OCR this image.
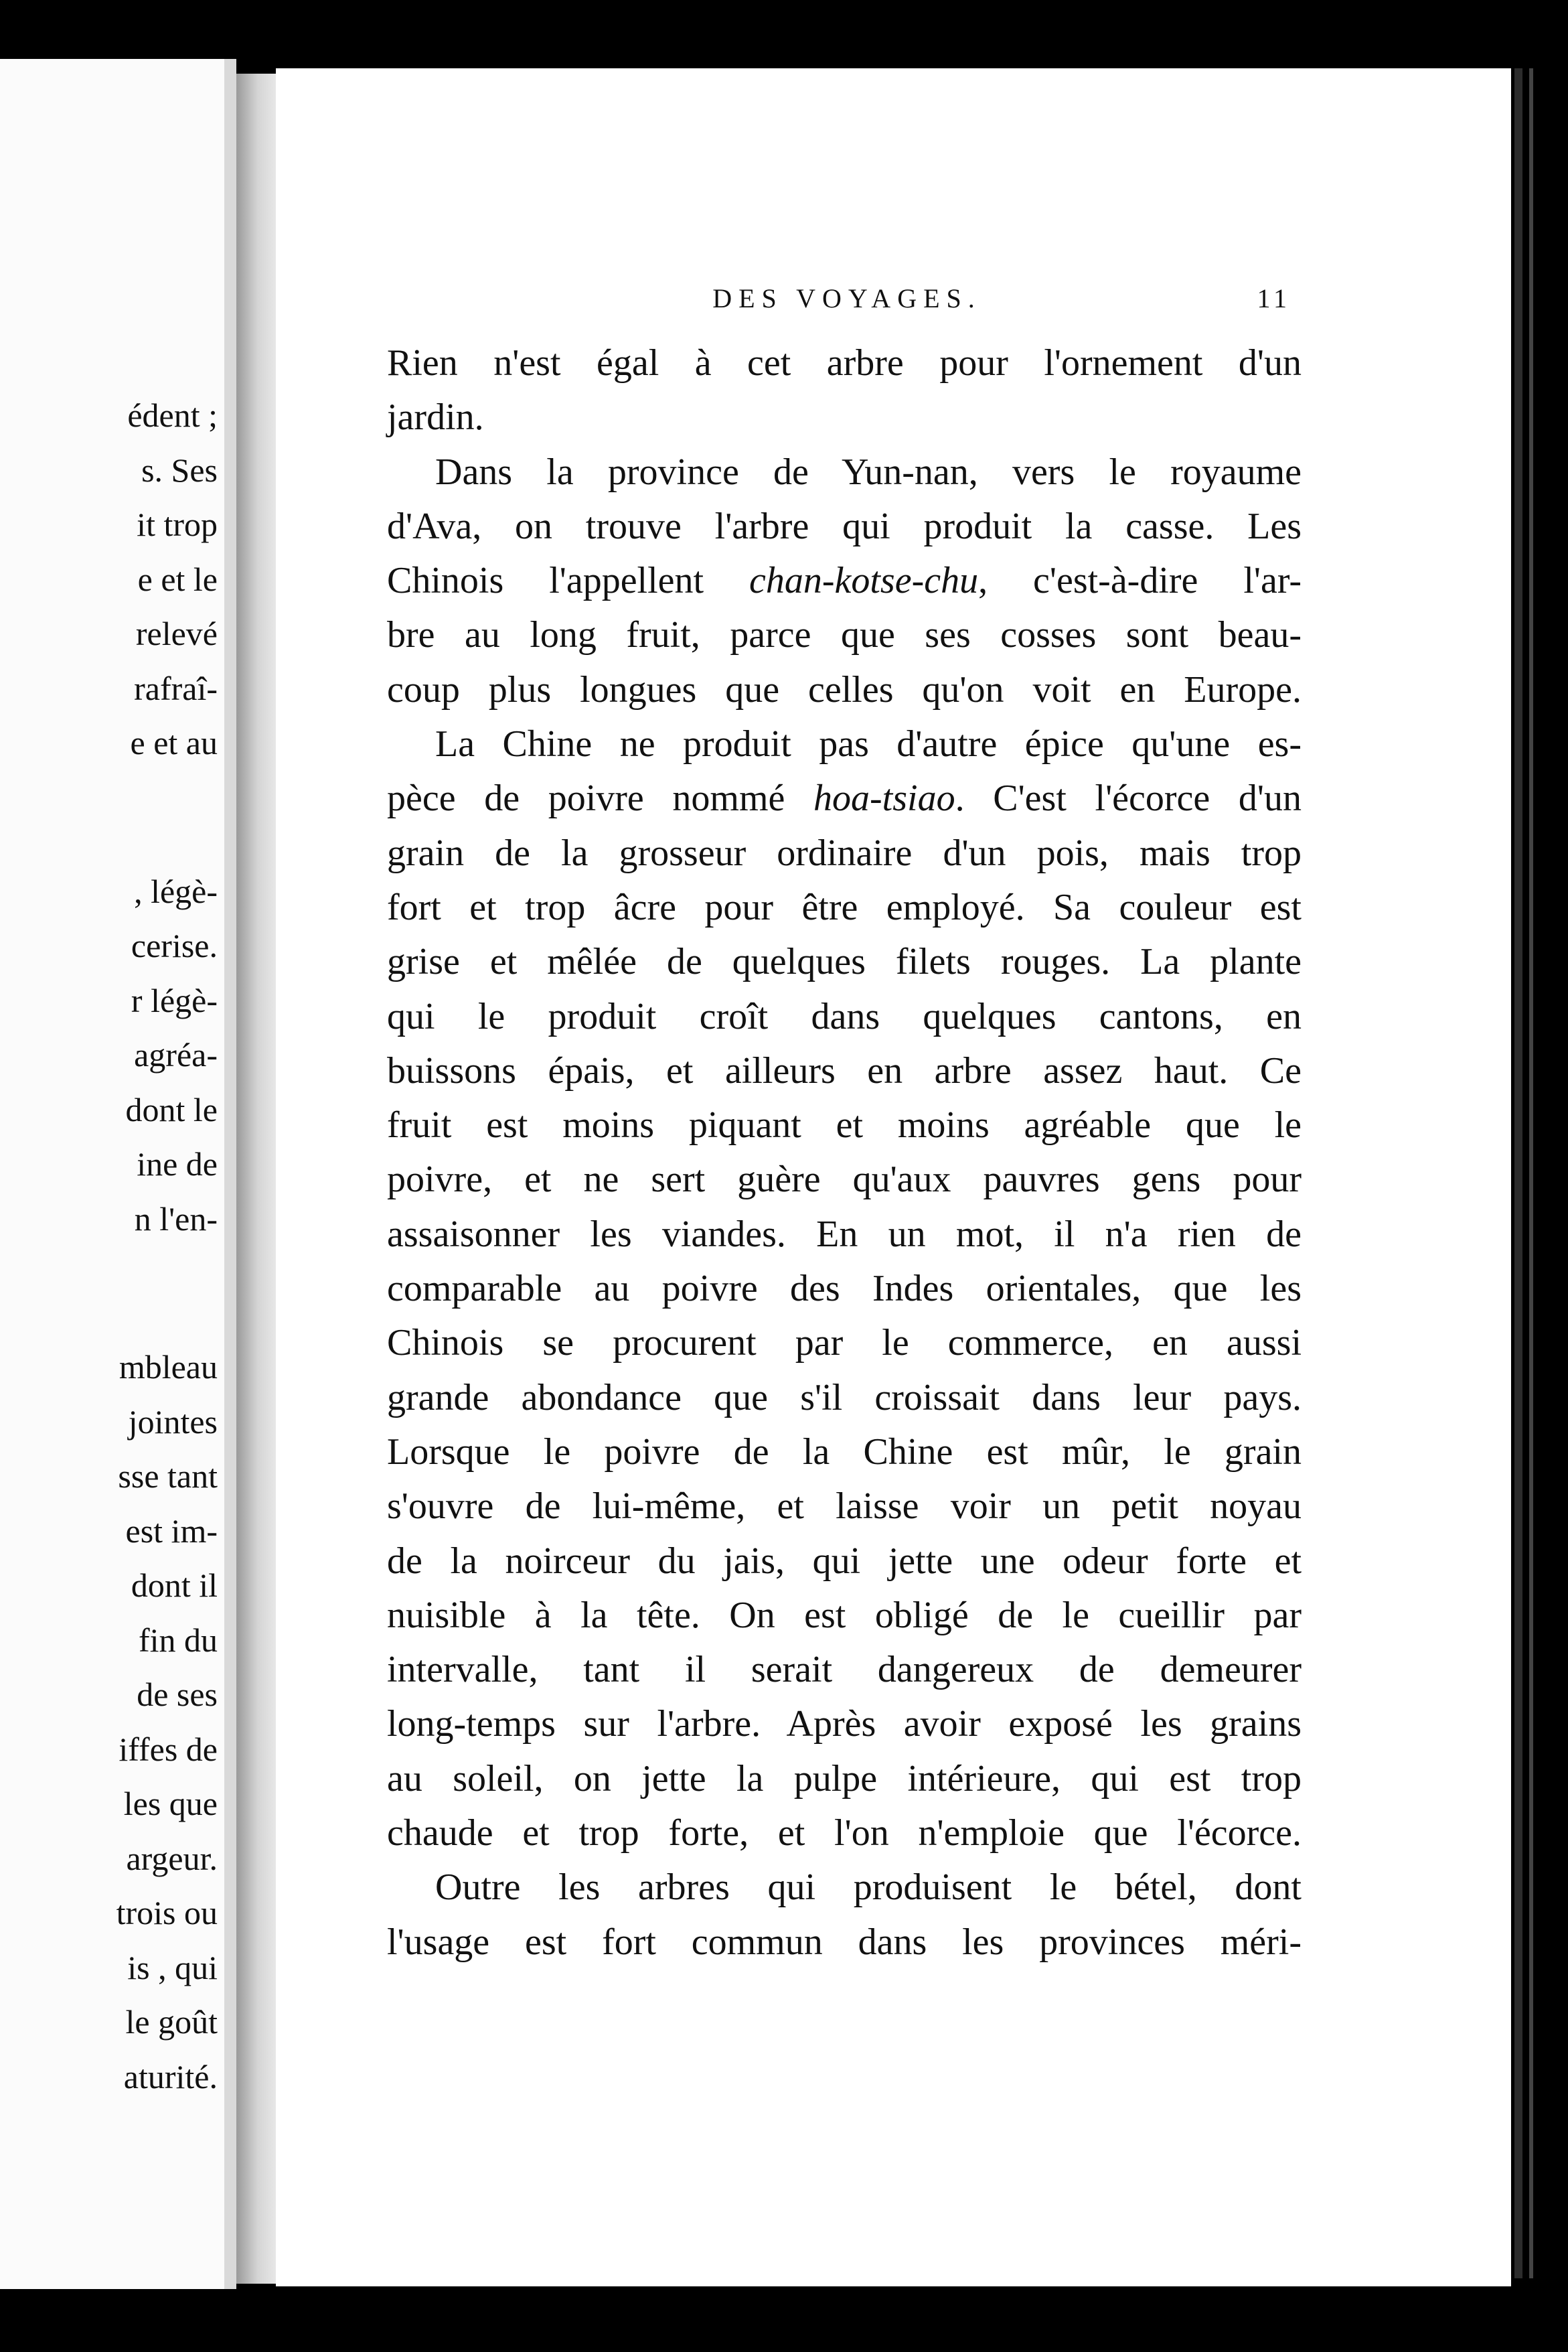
édent ;
s. Ses
it trop
e et le
relevé
rafraî-
e et au
, légè-
cerise.
r légè-
agréa-
dont le
ine de
n l'en-
mbleau
jointes
sse tant
est im-
dont il
fin du
de ses
iffes de
les que
argeur.
trois ou
is , qui
le goût
aturité.
DES VOYAGES.	11
Rien n'est égal à cet arbre pour l'ornement d'un
jardin.
Dans la province de Yun-nan, vers le royaume
d'Ava, on trouve l'arbre qui produit la casse. Les
Chinois l'appellent chan-kotse-chu, c'est-à-dire l'ar-
bre au long fruit, parce que ses cosses sont beau-
coup plus longues que celles qu'on voit en Europe.
La Chine ne produit pas d'autre épice qu'une es-
pèce de poivre nommé hoa-tsiao. C'est l'écorce d'un
grain de la grosseur ordinaire d'un pois, mais trop
fort et trop âcre pour être employé. Sa couleur est
grise et mêlée de quelques filets rouges. La plante
qui le produit croît dans quelques cantons, en
buissons épais, et ailleurs en arbre assez haut. Ce
fruit est moins piquant et moins agréable que le
poivre, et ne sert guère qu'aux pauvres gens pour
assaisonner les viandes. En un mot, il n'a rien de
comparable au poivre des Indes orientales, que les
Chinois se procurent par le commerce, en aussi
grande abondance que s'il croissait dans leur pays.
Lorsque le poivre de la Chine est mûr, le grain
s'ouvre de lui-même, et laisse voir un petit noyau
de la noirceur du jais, qui jette une odeur forte et
nuisible à la tête. On est obligé de le cueillir par
intervalle, tant il serait dangereux de demeurer
long-temps sur l'arbre. Après avoir exposé les grains
au soleil, on jette la pulpe intérieure, qui est trop
chaude et trop forte, et l'on n'emploie que l'écorce.
Outre les arbres qui produisent le bétel, dont
l'usage est fort commun dans les provinces méri-
